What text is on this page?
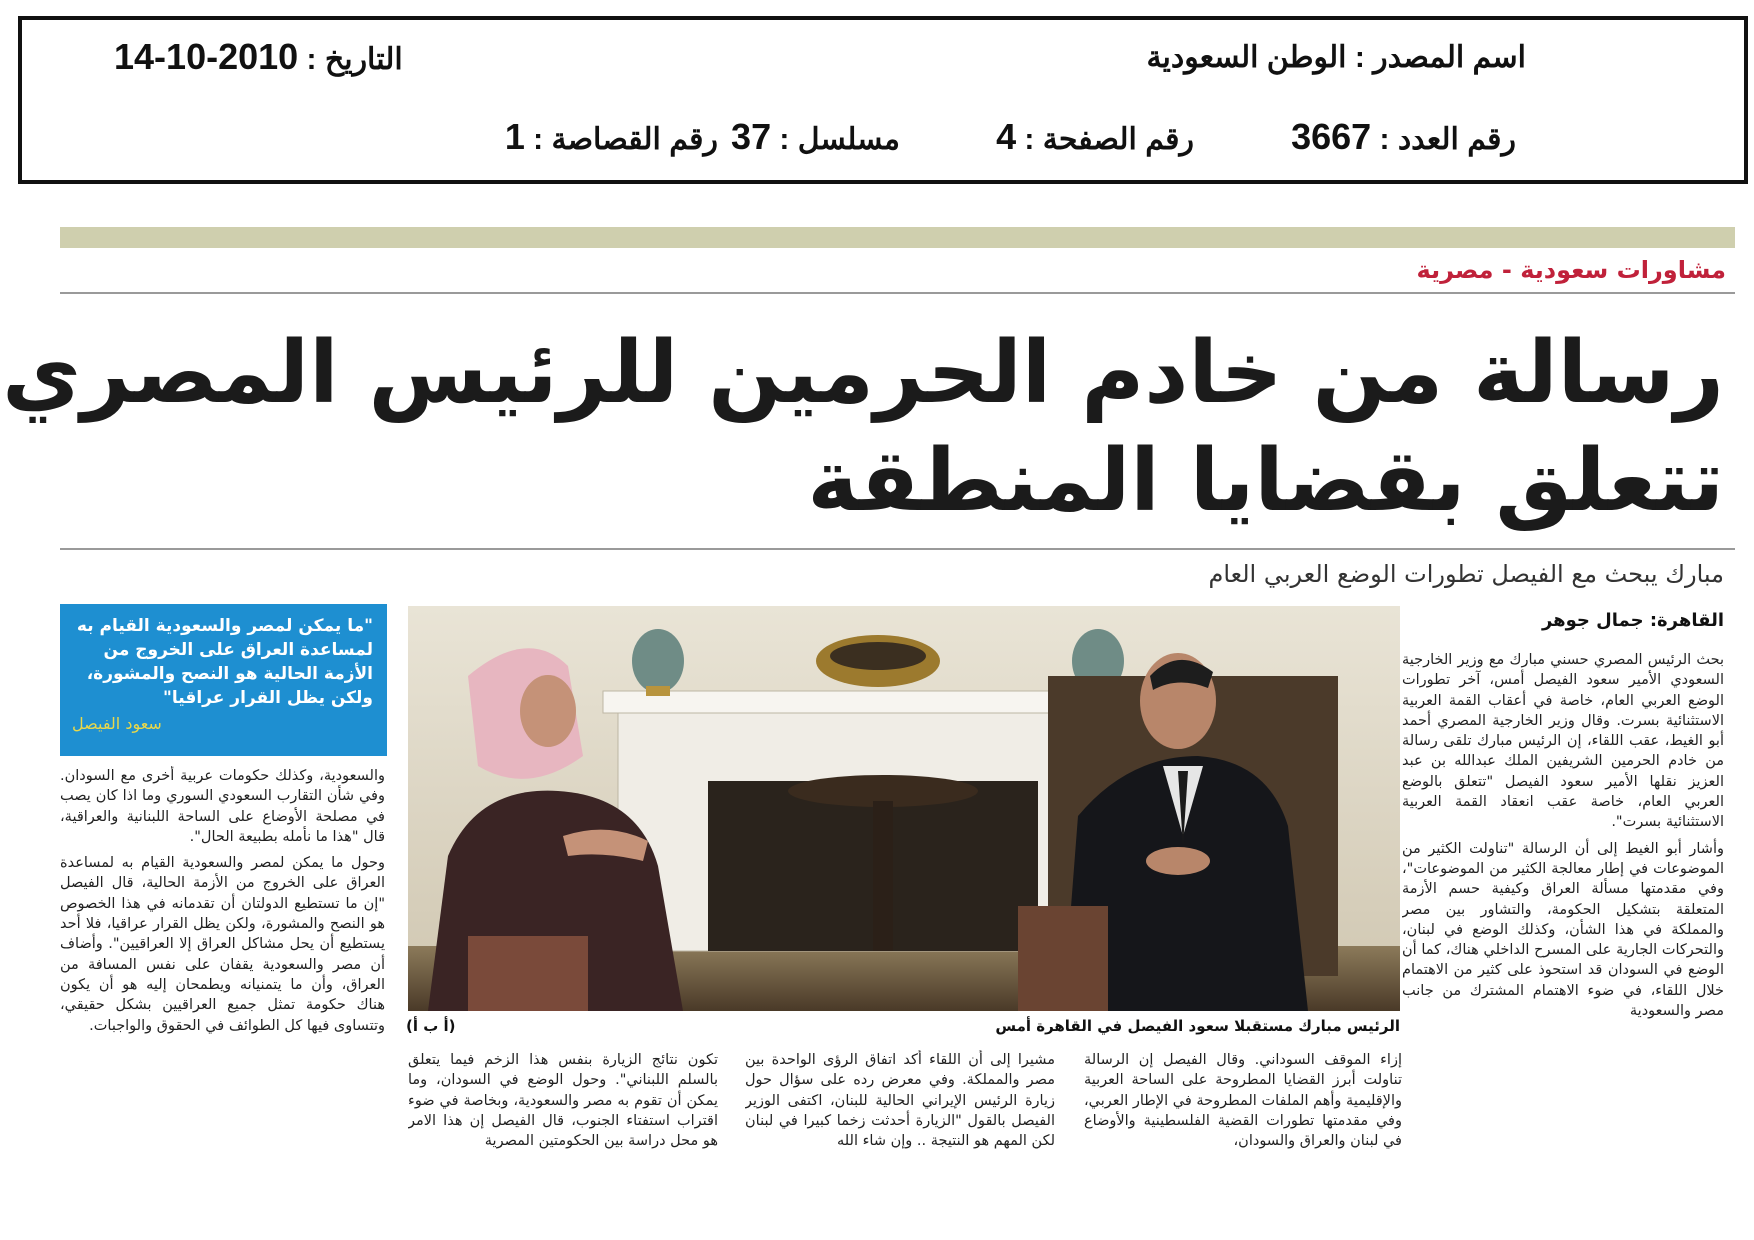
اسم المصدر : الوطن السعودية
التاريخ : 2010-10-14
رقم العدد : 3667
رقم الصفحة : 4
مسلسل : 37
رقم القصاصة : 1
مشاورات سعودية - مصرية
رسالة من خادم الحرمين للرئيس المصري
تتعلق بقضايا المنطقة
مبارك يبحث مع الفيصل تطورات الوضع العربي العام
(أ ب أ)	الرئيس مبارك مستقبلا سعود الفيصل في القاهرة أمس
القاهرة: جمال جوهر

بحث الرئيس المصري حسني مبارك مع وزير الخارجية السعودي الأمير سعود الفيصل أمس، آخر تطورات الوضع العربي العام، خاصة في أعقاب القمة العربية الاستثنائية بسرت. وقال وزير الخارجية المصري أحمد أبو الغيط، عقب اللقاء، إن الرئيس مبارك تلقى رسالة من خادم الحرمين الشريفين الملك عبدالله بن عبد العزيز نقلها الأمير سعود الفيصل "تتعلق بالوضع العربي العام، خاصة عقب انعقاد القمة العربية الاستثنائية بسرت".

وأشار أبو الغيط إلى أن الرسالة "تناولت الكثير من الموضوعات في إطار معالجة الكثير من الموضوعات"، وفي مقدمتها مسألة العراق وكيفية حسم الأزمة المتعلقة بتشكيل الحكومة، والتشاور بين مصر والمملكة في هذا الشأن، وكذلك الوضع في لبنان، والتحركات الجارية على المسرح الداخلي هناك، كما أن الوضع في السودان قد استحوذ على كثير من الاهتمام خلال اللقاء، في ضوء الاهتمام المشترك من جانب مصر والسعودية

إزاء الموقف السوداني. وقال الفيصل إن الرسالة تناولت أبرز القضايا المطروحة على الساحة العربية والإقليمية وأهم الملفات المطروحة في الإطار العربي، وفي مقدمتها تطورات القضية الفلسطينية والأوضاع في لبنان والعراق والسودان،
مشيرا إلى أن اللقاء أكد اتفاق الرؤى الواحدة بين مصر والمملكة. وفي معرض رده على سؤال حول زيارة الرئيس الإيراني الحالية للبنان، اكتفى الوزير الفيصل بالقول "الزيارة أحدثت زخما كبيرا في لبنان لكن المهم هو النتيجة .. وإن شاء الله
تكون نتائج الزيارة بنفس هذا الزخم فيما يتعلق بالسلم اللبناني". وحول الوضع في السودان، وما يمكن أن تقوم به مصر والسعودية، وبخاصة في ضوء اقتراب استفتاء الجنوب، قال الفيصل إن هذا الامر هو محل دراسة بين الحكومتين المصرية
"ما يمكن لمصر والسعودية القيام به لمساعدة العراق على الخروج من الأزمة الحالية هو النصح والمشورة، ولكن يظل القرار عراقيا"
سعود الفيصل

والسعودية، وكذلك حكومات عربية أخرى مع السودان. وفي شأن التقارب السعودي السوري وما اذا كان يصب في مصلحة الأوضاع على الساحة اللبنانية والعراقية، قال "هذا ما نأمله بطبيعة الحال".

وحول ما يمكن لمصر والسعودية القيام به لمساعدة العراق على الخروج من الأزمة الحالية، قال الفيصل "إن ما تستطيع الدولتان أن تقدمانه في هذا الخصوص هو النصح والمشورة، ولكن يظل القرار عراقيا، فلا أحد يستطيع أن يحل مشاكل العراق إلا العراقيين". وأضاف أن مصر والسعودية يقفان على نفس المسافة من العراق، وأن ما يتمنيانه ويطمحان إليه هو أن يكون هناك حكومة تمثل جميع العراقيين بشكل حقيقي، وتتساوى فيها كل الطوائف في الحقوق والواجبات.
